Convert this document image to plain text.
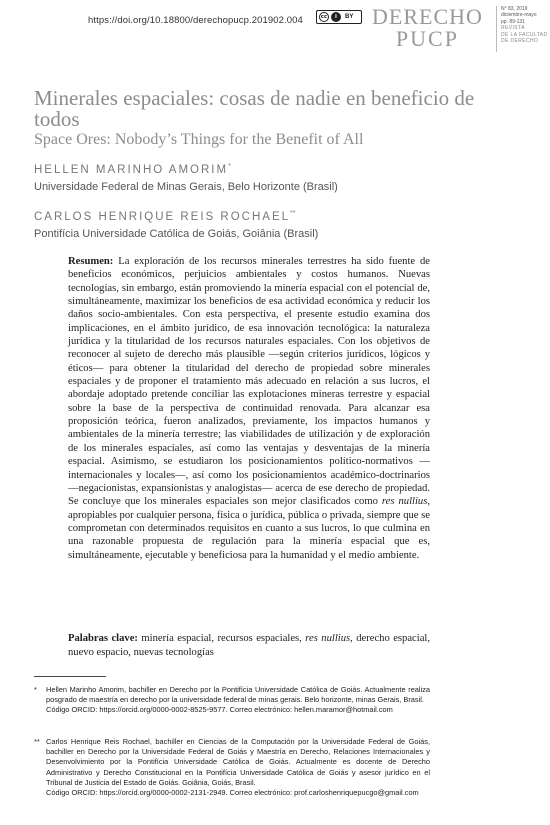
https://doi.org/10.18800/derechopucp.201902.004	cc	i	BY DERECHO
PUCP
N° 83, 2019
diciembre-mayo
pp. 89-131
REVISTA
DE LA FACULTAD
DE DERECHO
Minerales espaciales: cosas de nadie en beneficio de todos
Space Ores: Nobody’s Things for the Benefit of All
HELLEN MARINHO AMORIM*
Universidade Federal de Minas Gerais, Belo Horizonte (Brasil)
CARLOS HENRIQUE REIS ROCHAEL**
Pontifícia Universidade Católica de Goiás, Goiânia (Brasil)
Resumen: La exploración de los recursos minerales terrestres ha sido fuente de beneficios económicos, perjuicios ambientales y costos humanos. Nuevas tecnologías, sin embargo, están promoviendo la minería espacial con el potencial de, simultáneamente, maximizar los beneficios de esa actividad económica y reducir los daños socio-ambientales. Con esta perspectiva, el presente estudio examina dos implicaciones, en el ámbito jurídico, de esa innovación tecnológica: la naturaleza jurídica y la titularidad de los recursos naturales espaciales. Con los objetivos de reconocer al sujeto de derecho más plausible —según criterios jurídicos, lógicos y éticos— para obtener la titularidad del derecho de propiedad sobre minerales espaciales y de proponer el tratamiento más adecuado en relación a sus lucros, el abordaje adoptado pretende conciliar las explotaciones mineras terrestre y espacial sobre la base de la perspectiva de continuidad renovada. Para alcanzar esa proposición teórica, fueron analizados, previamente, los impactos humanos y ambientales de la minería terrestre; las viabilidades de utilización y de exploración de los minerales espaciales, así como las ventajas y desventajas de la minería espacial. Asimismo, se estudiaron los posicionamientos político-normativos —internacionales y locales—, así como los posicionamientos académico-doctrinarios —negacionistas, expansionistas y analogistas— acerca de ese derecho de propiedad. Se concluye que los minerales espaciales son mejor clasificados como res nullius, apropiables por cualquier persona, física o jurídica, pública o privada, siempre que se comprometan con determinados requisitos en cuanto a sus lucros, lo que culmina en una razonable propuesta de regulación para la minería espacial que es, simultáneamente, ejecutable y beneficiosa para la humanidad y el medio ambiente.
Palabras clave: minería espacial, recursos espaciales, res nullius, derecho espacial, nuevo espacio, nuevas tecnologías
* Hellen Marinho Amorim, bachiller en Derecho por la Pontifícia Universidade Católica de Goiás. Actualmente realiza posgrado de maestría en derecho por la universidade federal de minas gerais. Belo horizonte, minas Gerais, Brasil.
Código ORCID: https://orcid.org/0000-0002-8525-9577. Correo electrónico: hellen.maramor@hotmail.com
** Carlos Henrique Reis Rochael, bachiller en Ciencias de la Computación por la Universidade Federal de Goiás, bachiller en Derecho por la Universidade Federal de Goiás y Maestría en Derecho, Relaciones Internacionales y Desenvolvimiento por la Pontifícia Universidade Católica de Goiás. Actualmente es docente de Derecho Administrativo y Derecho Constitucional en la Pontifícia Universidade Católica de Goiás y asesor jurídico en el Tribunal de Justicia del Estado de Goiás. Goiânia, Goiás, Brasil.
Código ORCID: https://orcid.org/0000-0002-2131-2949. Correo electrónico: prof.carloshenriquepucgo@gmail.com
